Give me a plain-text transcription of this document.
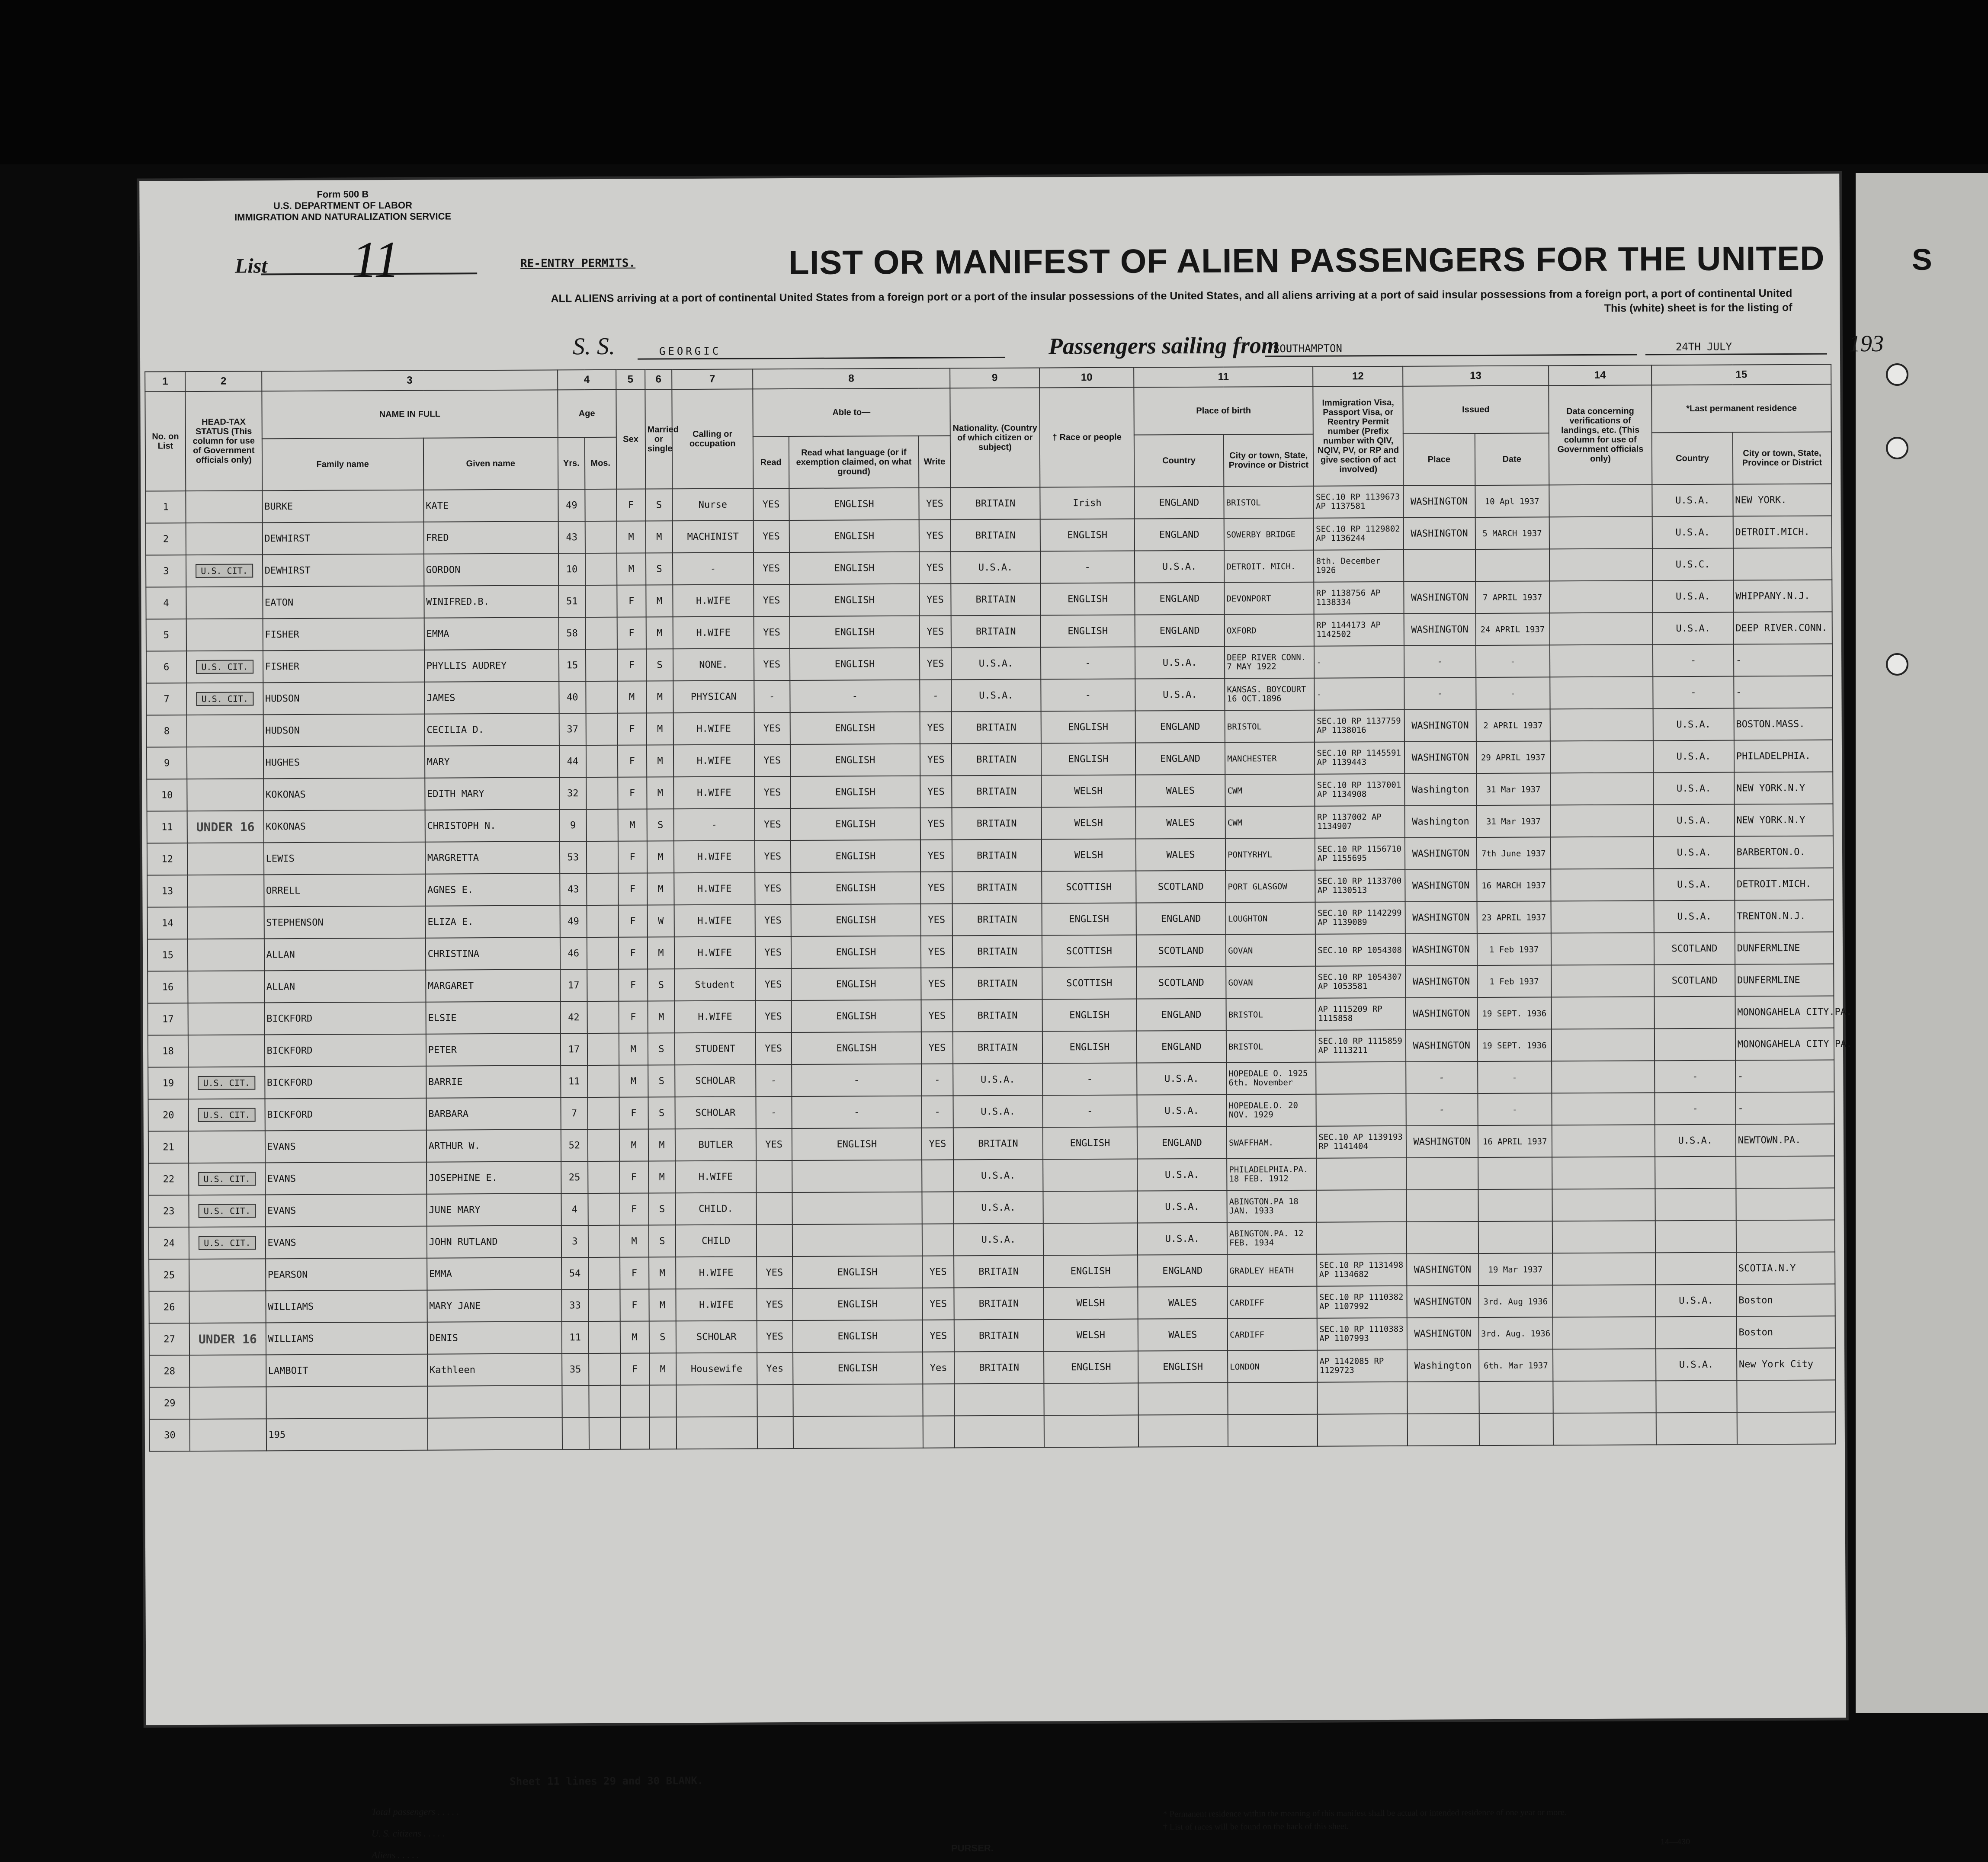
S
Form 500 B
U.S. DEPARTMENT OF LABOR
IMMIGRATION AND NATURALIZATION SERVICE
List 11	RE-ENTRY PERMITS.	LIST OR MANIFEST OF ALIEN PASSENGERS FOR THE UNITED
ALL ALIENS arriving at a port of continental United States from a foreign port or a port of the insular possessions of the United States, and all aliens arriving at a port of said insular possessions from a foreign port, a port of continental United
This (white) sheet is for the listing of
S. S.	GEORGIC	Passengers sailing from
SOUTHAMPTON	24TH JULY	193
1	2	3		4		5	6	7	8			9	10	11		12	13		14	15	
No. on List	HEAD-TAX STATUS (This column for use of Government officials only)	NAME IN FULL		Age		Sex	Married or single	Calling or occupation	Able to—			Nationality. (Country of which citizen or subject)	† Race or people	Place of birth		Immigration Visa, Passport Visa, or Reentry Permit number (Prefix number with QIV, NQIV, PV, or RP and give section of act involved)	Issued		Data concerning verifications of landings, etc. (This column for use of Government officials only)	*Last permanent residence	
		Family name	Given name	Yrs.	Mos.				Read	Read what language (or if exemption claimed, on what ground)	Write			Country	City or town, State, Province or District		Place	Date		Country	City or town, State, Province or District
1		BURKE	KATE	49		F	S	Nurse	YES	ENGLISH	YES	BRITAIN	Irish	ENGLAND	BRISTOL	SEC.10 RP 1139673 AP 1137581	WASHINGTON	10 Apl 1937		U.S.A.	NEW YORK.
2		DEWHIRST	FRED	43		M	M	MACHINIST	YES	ENGLISH	YES	BRITAIN	ENGLISH	ENGLAND	SOWERBY BRIDGE	SEC.10 RP 1129802 AP 1136244	WASHINGTON	5 MARCH 1937		U.S.A.	DETROIT.MICH.
3	U.S. CIT.	DEWHIRST	GORDON	10		M	S	-	YES	ENGLISH	YES	U.S.A.	-	U.S.A.	DETROIT. MICH.	8th. December 1926				U.S.C.	
4		EATON	WINIFRED.B.	51		F	M	H.WIFE	YES	ENGLISH	YES	BRITAIN	ENGLISH	ENGLAND	DEVONPORT	RP 1138756 AP 1138334	WASHINGTON	7 APRIL 1937		U.S.A.	WHIPPANY.N.J.
5		FISHER	EMMA	58		F	M	H.WIFE	YES	ENGLISH	YES	BRITAIN	ENGLISH	ENGLAND	OXFORD	RP 1144173 AP 1142502	WASHINGTON	24 APRIL 1937		U.S.A.	DEEP RIVER.CONN.
6	U.S. CIT.	FISHER	PHYLLIS AUDREY	15		F	S	NONE.	YES	ENGLISH	YES	U.S.A.	-	U.S.A.	DEEP RIVER CONN. 7 MAY 1922	-	-	-		-	-
7	U.S. CIT.	HUDSON	JAMES	40		M	M	PHYSICAN	-	-	-	U.S.A.	-	U.S.A.	KANSAS. BOYCOURT 16 OCT.1896	-	-	-		-	-
8		HUDSON	CECILIA D.	37		F	M	H.WIFE	YES	ENGLISH	YES	BRITAIN	ENGLISH	ENGLAND	BRISTOL	SEC.10 RP 1137759 AP 1138016	WASHINGTON	2 APRIL 1937		U.S.A.	BOSTON.MASS.
9		HUGHES	MARY	44		F	M	H.WIFE	YES	ENGLISH	YES	BRITAIN	ENGLISH	ENGLAND	MANCHESTER	SEC.10 RP 1145591 AP 1139443	WASHINGTON	29 APRIL 1937		U.S.A.	PHILADELPHIA.
10		KOKONAS	EDITH MARY	32		F	M	H.WIFE	YES	ENGLISH	YES	BRITAIN	WELSH	WALES	CWM	SEC.10 RP 1137001 AP 1134908	Washington	31 Mar 1937		U.S.A.	NEW YORK.N.Y
11	UNDER 16	KOKONAS	CHRISTOPH N.	9		M	S	-	YES	ENGLISH	YES	BRITAIN	WELSH	WALES	CWM	RP 1137002 AP 1134907	Washington	31 Mar 1937		U.S.A.	NEW YORK.N.Y
12		LEWIS	MARGRETTA	53		F	M	H.WIFE	YES	ENGLISH	YES	BRITAIN	WELSH	WALES	PONTYRHYL	SEC.10 RP 1156710 AP 1155695	WASHINGTON	7th June 1937		U.S.A.	BARBERTON.O.
13		ORRELL	AGNES E.	43		F	M	H.WIFE	YES	ENGLISH	YES	BRITAIN	SCOTTISH	SCOTLAND	PORT GLASGOW	SEC.10 RP 1133700 AP 1130513	WASHINGTON	16 MARCH 1937		U.S.A.	DETROIT.MICH.
14		STEPHENSON	ELIZA E.	49		F	W	H.WIFE	YES	ENGLISH	YES	BRITAIN	ENGLISH	ENGLAND	LOUGHTON	SEC.10 RP 1142299 AP 1139089	WASHINGTON	23 APRIL 1937		U.S.A.	TRENTON.N.J.
15		ALLAN	CHRISTINA	46		F	M	H.WIFE	YES	ENGLISH	YES	BRITAIN	SCOTTISH	SCOTLAND	GOVAN	SEC.10 RP 1054308	WASHINGTON	1 Feb 1937		SCOTLAND	DUNFERMLINE
16		ALLAN	MARGARET	17		F	S	Student	YES	ENGLISH	YES	BRITAIN	SCOTTISH	SCOTLAND	GOVAN	SEC.10 RP 1054307 AP 1053581	WASHINGTON	1 Feb 1937		SCOTLAND	DUNFERMLINE
17		BICKFORD	ELSIE	42		F	M	H.WIFE	YES	ENGLISH	YES	BRITAIN	ENGLISH	ENGLAND	BRISTOL	AP 1115209 RP 1115858	WASHINGTON	19 SEPT. 1936			MONONGAHELA CITY.PA.
18		BICKFORD	PETER	17		M	S	STUDENT	YES	ENGLISH	YES	BRITAIN	ENGLISH	ENGLAND	BRISTOL	SEC.10 RP 1115859 AP 1113211	WASHINGTON	19 SEPT. 1936			MONONGAHELA CITY PA.
19	U.S. CIT.	BICKFORD	BARRIE	11		M	S	SCHOLAR	-	-	-	U.S.A.	-	U.S.A.	HOPEDALE O. 1925 6th. November		-	-		-	-
20	U.S. CIT.	BICKFORD	BARBARA	7		F	S	SCHOLAR	-	-	-	U.S.A.	-	U.S.A.	HOPEDALE.O. 20 NOV. 1929		-	-		-	-
21		EVANS	ARTHUR W.	52		M	M	BUTLER	YES	ENGLISH	YES	BRITAIN	ENGLISH	ENGLAND	SWAFFHAM.	SEC.10 AP 1139193 RP 1141404	WASHINGTON	16 APRIL 1937		U.S.A.	NEWTOWN.PA.
22	U.S. CIT.	EVANS	JOSEPHINE E.	25		F	M	H.WIFE				U.S.A.		U.S.A.	PHILADELPHIA.PA. 18 FEB. 1912						
23	U.S. CIT.	EVANS	JUNE MARY	4		F	S	CHILD.				U.S.A.		U.S.A.	ABINGTON.PA 18 JAN. 1933						
24	U.S. CIT.	EVANS	JOHN RUTLAND	3		M	S	CHILD				U.S.A.		U.S.A.	ABINGTON.PA. 12 FEB. 1934						
25		PEARSON	EMMA	54		F	M	H.WIFE	YES	ENGLISH	YES	BRITAIN	ENGLISH	ENGLAND	GRADLEY HEATH	SEC.10 RP 1131498 AP 1134682	WASHINGTON	19 Mar 1937			SCOTIA.N.Y
26		WILLIAMS	MARY JANE	33		F	M	H.WIFE	YES	ENGLISH	YES	BRITAIN	WELSH	WALES	CARDIFF	SEC.10 RP 1110382 AP 1107992	WASHINGTON	3rd. Aug 1936		U.S.A.	Boston
27	UNDER 16	WILLIAMS	DENIS	11		M	S	SCHOLAR	YES	ENGLISH	YES	BRITAIN	WELSH	WALES	CARDIFF	SEC.10 RP 1110383 AP 1107993	WASHINGTON	3rd. Aug. 1936			Boston
28		LAMBOIT	Kathleen	35		F	M	Housewife	Yes	ENGLISH	Yes	BRITAIN	ENGLISH	ENGLISH	LONDON	AP 1142085 RP 1129723	Washington	6th. Mar 1937		U.S.A.	New York City
29																					
30		195																			
Sheet 11 lines 29 and 30 BLANK.
Total passengers . . . . .
U. S. citizens . . . . .
Aliens . . . . .
PURSER.
* Permanent residence within the meaning of this manifest shall be actual or intended residence of one year or more.
† List of races will be found on the back of this sheet.
14—430
